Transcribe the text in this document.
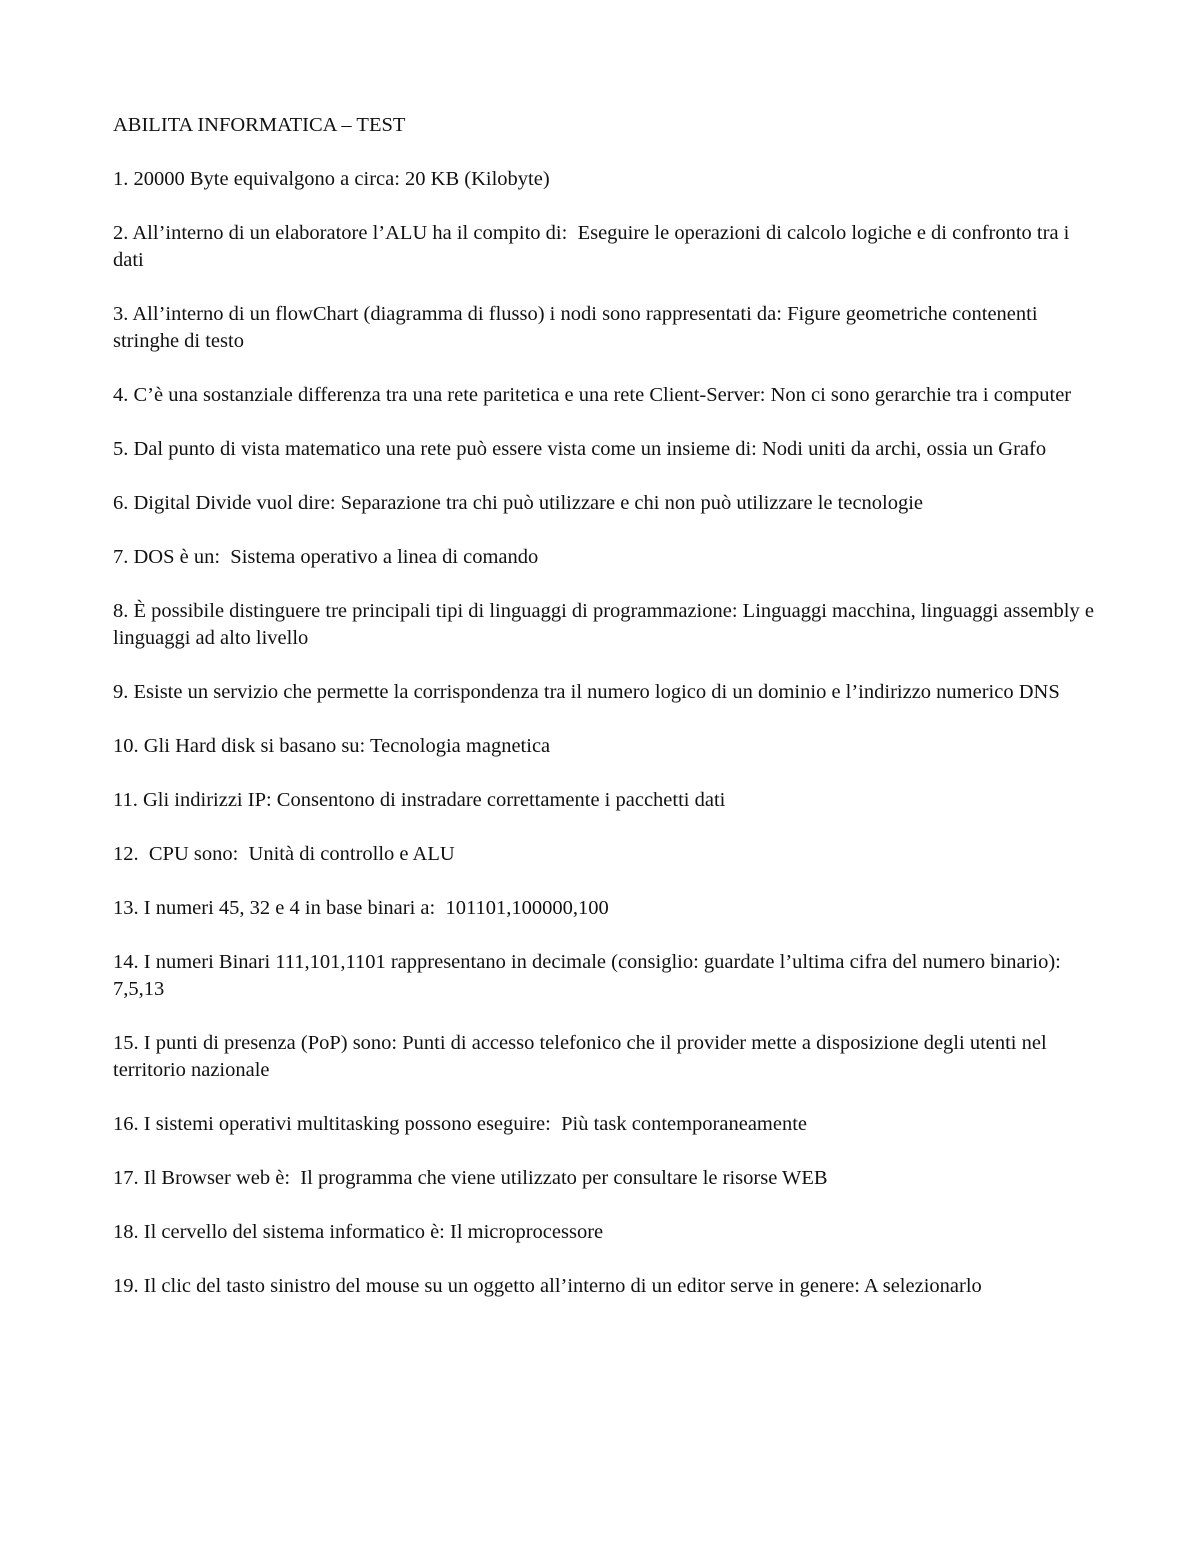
ABILITA INFORMATICA – TEST

1. 20000 Byte equivalgono a circa: 20 KB (Kilobyte)
2. All’interno di un elaboratore l’ALU ha il compito di:  Eseguire le operazioni di calcolo logiche e di confronto tra i dati
3. All’interno di un flowChart (diagramma di flusso) i nodi sono rappresentati da: Figure geometriche contenenti stringhe di testo
4. C’è una sostanziale differenza tra una rete paritetica e una rete Client-Server: Non ci sono gerarchie tra i computer
5. Dal punto di vista matematico una rete può essere vista come un insieme di: Nodi uniti da archi, ossia un Grafo
6. Digital Divide vuol dire: Separazione tra chi può utilizzare e chi non può utilizzare le tecnologie
7. DOS è un:  Sistema operativo a linea di comando
8. È possibile distinguere tre principali tipi di linguaggi di programmazione: Linguaggi macchina, linguaggi assembly e linguaggi ad alto livello
9. Esiste un servizio che permette la corrispondenza tra il numero logico di un dominio e l’indirizzo numerico DNS
10. Gli Hard disk si basano su: Tecnologia magnetica
11. Gli indirizzi IP: Consentono di instradare correttamente i pacchetti dati
12.  CPU sono:  Unità di controllo e ALU
13. I numeri 45, 32 e 4 in base binari a:  101101,100000,100
14. I numeri Binari 111,101,1101 rappresentano in decimale (consiglio: guardate l’ultima cifra del numero binario): 7,5,13
15. I punti di presenza (PoP) sono: Punti di accesso telefonico che il provider mette a disposizione degli utenti nel territorio nazionale
16. I sistemi operativi multitasking possono eseguire:  Più task contemporaneamente
17. Il Browser web è:  Il programma che viene utilizzato per consultare le risorse WEB
18. Il cervello del sistema informatico è: Il microprocessore
19. Il clic del tasto sinistro del mouse su un oggetto all’interno di un editor serve in genere: A selezionarlo
